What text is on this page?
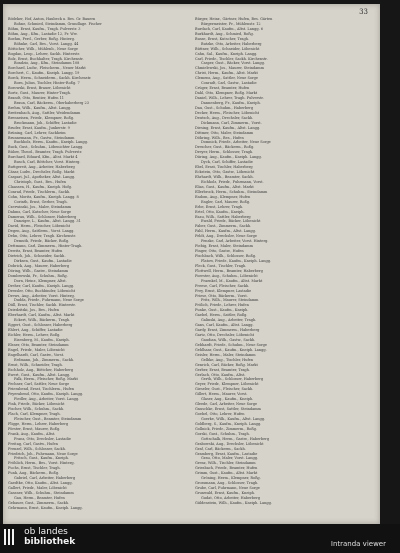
33
Bödeker, Hof, Anton, Haubeck u. Bes. Gr. Bauern
Bohne, Schmied, Steindamm, Grundlage. Fischer
Böhm, Ernst, Kaufm., Tragh. Pulverstr. 3
Böhm, Aug., Kfm., Lastadie 12, Fr. Ww.
Boehm, Ferd., Gerber, Roßg. Hinterg.
Böhnke, Carl, Bes., Vorst. Langg. 44
Bötticher, Wilh., Mühlenb., Neue Sorge
Bogdan, Leop., Lehrer, Sackh. Hinterstr.
Bolz, Ernst, Buchhalter, Tragh. Kirchenstr.
Bondzio, Aug., Kfm., Steindamm 108
Borchard, Ludw., Fleischerm., Neuer Markt
Borchert, C., Kaufm., Kneiph. Langg. 19
Borck, Herm., Schneiderm., Sackh. Kirchenstr.
Born, Julius, Tischler, Hinter-Roßg. 7
Borowski, Ernst, Brauer, Löbenicht
Bortz, Gust., Maurer, Hinter-Tragh.
Brandt, Otto, Rentier, Hufen 11
Braun, Carl, Bäckerm., Oberhaberberg 23
Brehm, Wilh., Kaufm., Altst. Langg.
Breitenbach, Aug., Sattler, Weidendamm
Brenneisen, Friedr., Klempner, Roßg.
Brockmann, Joh., Schiffer, Lastadie
Bruder, Ernst, Kaufm., Junkerstr. 9
Brüning, Carl, Lehrer, Sackheim
Brunnemann, Fr., Gastw., Steindamm
Buchholz, Herm., Kaufm., Kneiph. Langg.
Buck, Gust., Schuhm., Löbenichter Langg.
Bülow, Theod., Beamter, Tragh. Pulverstr.
Burchard, Eduard, Kfm., Altst. Markt 4
Busch, Carl, Böttcher, Vorst. Hinterg.
Buttgereit, Aug., Arbeiter, Haberberg
Cäsar, Ludw., Drechsler, Roßg. Markt
Caspari, Jul., Apotheker, Altst. Langg.
Christoph, Gust., Bes., Hufen
Claassen, H., Kaufm., Kneiph. Hofg.
Conrad, Friedr., Tischlerm., Sackh.
Cohn, Moritz, Kaufm., Kneiph. Langg. 8
Corinth, Ernst, Gerber, Tragh.
Czerwinski, Jos., Maler, Steindamm
Dahms, Carl, Kutscher, Neue Sorge
Damerau, Wilh., Schlosser, Haberberg
Danziger, L., Kaufm., Altst. Langg. 31
David, Herm., Fleischer, Löbenicht
Degen, Aug., Sattlerm., Vorst. Langg.
Dehn, Otto, Lehrer, Tragh. Kirchenstr.
Demuth, Friedr., Bäcker, Roßg.
Dettmann, Carl, Zimmerm., Hinter-Tragh.
Dewitz, Ernst, Beamter, Hufen
Dietrich, Joh., Schneider, Sackh.
Dirksen, Gust., Kaufm., Lastadie
Dobrick, Aug., Maurer, Haberberg
Döring, Wilh., Gastw., Steindamm
Dombrowski, Fr., Schuhm., Roßg.
Dorn, Heinr., Klempner, Altst.
Dreher, Carl, Kaufm., Kneiph. Langg.
Dressler, Otto, Buchbinder, Löbenicht
Drews, Aug., Arbeiter, Vorst. Hinterg.
Dudda, Friedr., Fuhrmann, Neue Sorge
Düll, Ernst, Tischler, Sackh. Hinterstr.
Dziedzitzki, Jos., Bes., Hufen
Eberhardt, Carl, Kaufm., Altst. Markt
Eckert, Wilh., Bäckerm., Tragh.
Eggert, Gust., Schlosser, Haberberg
Ehlert, Aug., Schiffer, Lastadie
Eichler, Herm., Lehrer, Roßg.
Eisenberg, M., Kaufm., Kneiph.
Elsner, Otto, Beamter, Steindamm
Engel, Friedr., Maler, Löbenicht
Engelhardt, Carl, Gastw., Vorst.
Erdmann, Joh., Zimmerm., Sackh.
Ernst, Wilh., Schneider, Tragh.
Eschholz, Aug., Böttcher, Haberberg
Ewert, Gust., Kaufm., Altst. Langg.
Falk, Herm., Fleischer, Roßg. Markt
Fechner, Carl, Sattler, Neue Sorge
Feierabend, Ernst, Tischlerm., Hufen
Feyerabend, Otto, Kaufm., Kneiph. Langg.
Fiedler, Aug., Arbeiter, Vorst. Langg.
Fink, Friedr., Bäcker, Löbenicht
Fischer, Wilh., Schuhm., Sackh.
Flach, Carl, Klempner, Tragh.
Fleischer, Gust., Beamter, Steindamm
Fligge, Herm., Lehrer, Haberberg
Förster, Ernst, Maurer, Roßg.
Frank, Aug., Kaufm., Altst.
Franz, Otto, Drechsler, Lastadie
Freitag, Carl, Gastw., Hufen
Frenzel, Wilh., Schlosser, Sackh.
Friedrich, Joh., Fuhrmann, Neue Sorge
Fritsch, Gust., Kaufm., Kneiph.
Fröhlich, Herm., Bes., Vorst. Hinterg.
Fuchs, Ernst, Tischler, Tragh.
Funk, Aug., Bäckerm., Roßg.
Gabriel, Carl, Arbeiter, Haberberg
Gaedtke, Otto, Kaufm., Altst. Langg.
Gallert, Friedr., Maler, Löbenicht
Gassner, Wilh., Schuhm., Steindamm
Gau, Herm., Beamter, Hufen
Gebauer, Gust., Zimmerm., Sackh.
Gehrmann, Ernst, Kaufm., Kneiph. Langg.
Bürger, Heinr., Gärtner, Hufen, Bes. Gärten
Bürgermeister, Fr., Mühlenstr. 12
Burdach, Carl, Kaufm., Altst. Langg. 6
Burkhardt, Aug., Schmied, Roßg.
Busse, Ernst, Kutscher, Tragh.
Butzke, Otto, Arbeiter, Haberberg
Büttner, Wilh., Schneider, Löbenicht
Cahn, Sal., Kaufm., Kneiph. Langg.
Carl, Friedr., Tischler, Sackh. Kirchenstr.
Casper, Gust., Bäcker, Vorst. Langg.
Chmielewski, Jos., Maurer, Steindamm
Christ, Herm., Kaufm., Altst. Markt
Clemens, Aug., Sattler, Neue Sorge
Conradt, Carl, Gastw., Lastadie
Crüger, Ernst, Beamter, Hufen
Dahl, Otto, Klempner, Roßg. Markt
Daniel, Wilh., Lehrer, Tragh. Pulverstr.
Dannenberg, Fr., Kaufm., Kneiph.
Dau, Gust., Schuhm., Haberberg
Decker, Herm., Fleischer, Löbenicht
Deutsch, Aug., Drechsler, Sackh.
Dickmann, Carl, Zimmerm., Vorst.
Diesing, Ernst, Kaufm., Altst. Langg.
Dittmer, Otto, Maler, Steindamm
Döhring, Wilh., Bes., Hufen
Domnick, Friedr., Arbeiter, Neue Sorge
Drescher, Gust., Bäckerm., Roßg.
Dreyer, Herm., Schlosser, Tragh.
Düring, Aug., Kaufm., Kneiph. Langg.
Dyck, Carl, Schiffer, Lastadie
Ebel, Ernst, Tischler, Haberberg
Eckstein, Otto, Gastw., Löbenicht
Ehrhardt, Wilh., Beamter, Sackh.
Eichholz, Friedr., Fuhrmann, Vorst.
Elias, Gust., Kaufm., Altst. Markt
Ellerbrock, Herm., Schuhm., Steindamm
Endom, Aug., Klempner, Hufen
Engler, Carl, Maurer, Roßg.
Erbe, Ernst, Lehrer, Tragh.
Ertel, Otto, Kaufm., Kneiph.
Esau, Wilh., Sattler, Haberberg
Ewald, Friedr., Bäcker, Löbenicht
Faber, Gust., Zimmerm., Sackh.
Fahl, Herm., Kaufm., Altst. Langg.
Feldt, Aug., Drechsler, Neue Sorge
Fenske, Carl, Arbeiter, Vorst. Hinterg.
Fiebig, Ernst, Maler, Steindamm
Finger, Otto, Gastw., Hufen
Fischbach, Wilh., Schlosser, Roßg.
Flatow, Friedr., Kaufm., Kneiph. Langg.
Fleck, Gust., Tischler, Tragh.
Flottwell, Herm., Beamter, Haberberg
Foerster, Aug., Schuhm., Löbenicht
Fraenkel, M., Kaufm., Altst. Markt
Freese, Carl, Fleischer, Sackh.
Frey, Ernst, Klempner, Lastadie
Friese, Otto, Bäckerm., Vorst.
Fritz, Wilh., Maurer, Steindamm
Frölich, Friedr., Lehrer, Hufen
Funke, Gust., Kaufm., Kneiph.
Gaebel, Herm., Sattler, Roßg.
Galinski, Aug., Arbeiter, Tragh.
Gans, Carl, Kaufm., Altst. Langg.
Gardy, Ernst, Zimmerm., Haberberg
Gartz, Otto, Drechsler, Löbenicht
Gaudian, Wilh., Gastw., Sackh.
Gebhardt, Friedr., Schuhm., Neue Sorge
Gehlhaar, Gust., Kaufm., Kneiph. Langg.
Geisler, Herm., Maler, Steindamm
Gelbke, Aug., Tischler, Hufen
Genrich, Carl, Bäcker, Roßg. Markt
Gerber, Ernst, Beamter, Tragh.
Gerlach, Otto, Kaufm., Altst.
Gerth, Wilh., Schlosser, Haberberg
Geyer, Friedr., Klempner, Löbenicht
Gieseler, Gust., Fleischer, Sackh.
Gillert, Herm., Maurer, Vorst.
Glaser, Aug., Kaufm., Kneiph.
Gleede, Carl, Arbeiter, Neue Sorge
Gnuschke, Ernst, Sattler, Steindamm
Goebel, Otto, Lehrer, Hufen
Goerke, Wilh., Kaufm., Altst. Langg.
Goldberg, S., Kaufm., Kneiph. Langg.
Gollnick, Friedr., Zimmerm., Roßg.
Gorski, Gust., Schuhm., Tragh.
Gottschalk, Herm., Gastw., Haberberg
Grabowski, Aug., Drechsler, Löbenicht
Graf, Carl, Bäckerm., Sackh.
Gramberg, Ernst, Kaufm., Lastadie
Grau, Otto, Maler, Vorst. Langg.
Grenz, Wilh., Tischler, Steindamm
Griesbach, Friedr., Beamter, Hufen
Grimm, Gust., Kaufm., Altst. Markt
Gröning, Herm., Klempner, Roßg.
Grossmann, Aug., Schlosser, Tragh.
Grube, Carl, Fuhrmann, Neue Sorge
Grunwald, Ernst, Kaufm., Kneiph.
Gudat, Otto, Arbeiter, Haberberg
Güldenstein, Wilh., Kaufm., Kneiph. Langg.

ob landes
bibliothek	Intranda viewer
